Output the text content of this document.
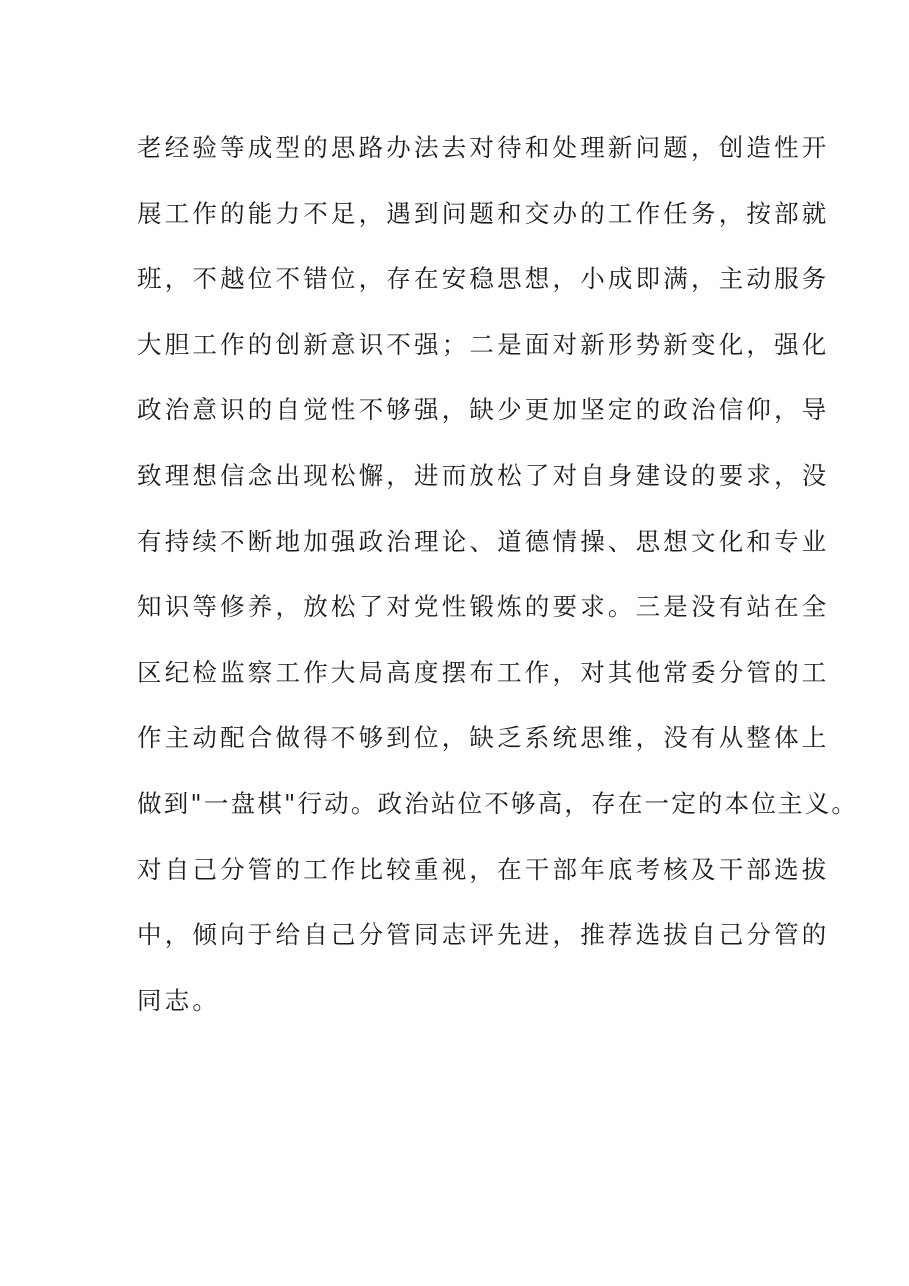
老经验等成型的思路办法去对待和处理新问题，创造性开
展工作的能力不足，遇到问题和交办的工作任务，按部就
班，不越位不错位，存在安稳思想，小成即满，主动服务
大胆工作的创新意识不强；二是面对新形势新变化，强化
政治意识的自觉性不够强，缺少更加坚定的政治信仰，导
致理想信念出现松懈，进而放松了对自身建设的要求，没
有持续不断地加强政治理论、道德情操、思想文化和专业
知识等修养，放松了对党性锻炼的要求。三是没有站在全
区纪检监察工作大局高度摆布工作，对其他常委分管的工
作主动配合做得不够到位，缺乏系统思维，没有从整体上
做到"一盘棋"行动。政治站位不够高，存在一定的本位主义。
对自己分管的工作比较重视，在干部年底考核及干部选拔
中，倾向于给自己分管同志评先进，推荐选拔自己分管的
同志。
